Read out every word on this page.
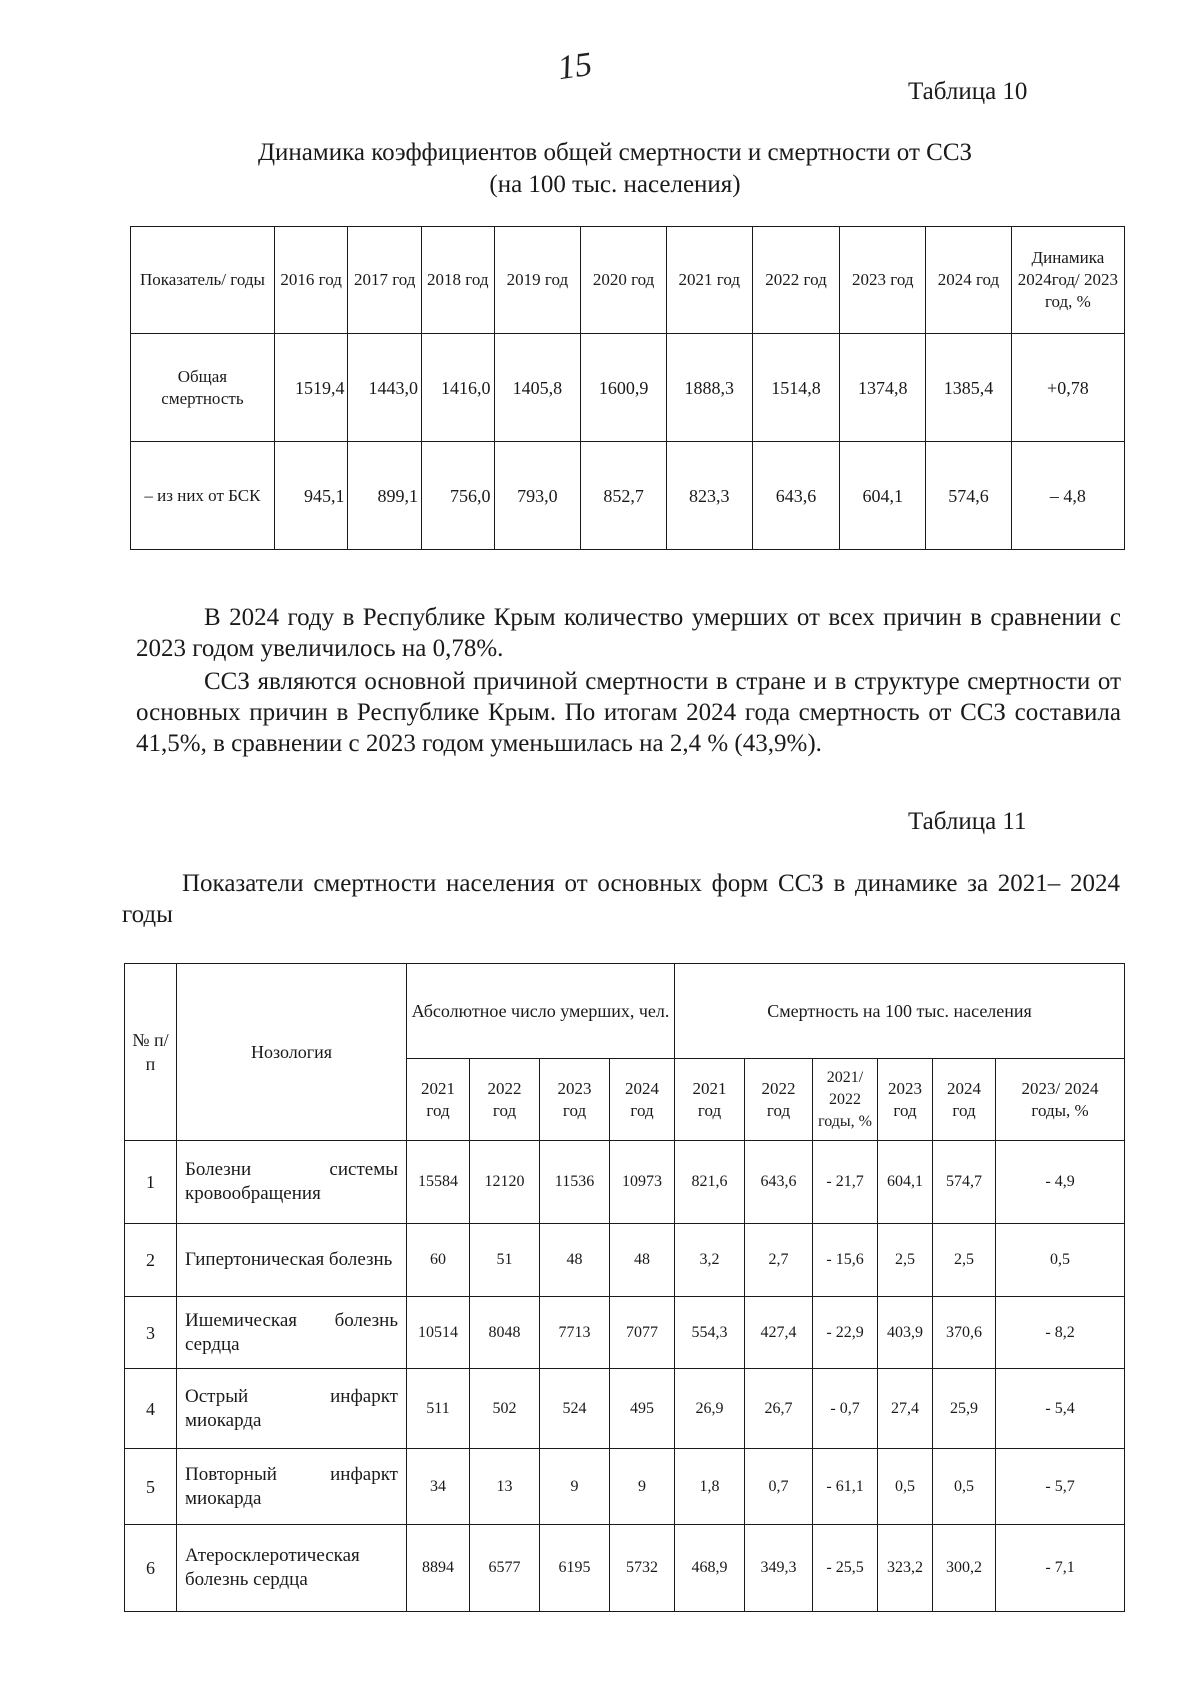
15
Таблица 10
Динамика коэффициентов общей смертности и смертности от ССЗ
(на 100 тыс. населения)
Показатель/ годы	2016 год	2017 год	2018 год	2019 год	2020 год	2021 год	2022 год	2023 год	2024 год	Динамика 2024год/ 2023 год, %
Общая смертность	1519,4	1443,0	1416,0	1405,8	1600,9	1888,3	1514,8	1374,8	1385,4	+0,78
– из них от БСК	945,1	899,1	756,0	793,0	852,7	823,3	643,6	604,1	574,6	– 4,8
В 2024 году в Республике Крым количество умерших от всех причин в сравнении с 2023 годом увеличилось на 0,78%.
ССЗ являются основной причиной смертности в стране и в структуре смертности от основных причин в Республике Крым. По итогам 2024 года смертность от ССЗ составила 41,5%, в сравнении с 2023 годом уменьшилась на 2,4 % (43,9%).
Таблица 11
Показатели смертности населения от основных форм ССЗ в динамике за 2021– 2024 годы
№ п/п	Нозология	Абсолютное число умерших, чел.				Смертность на 100 тыс. населения					
		2021 год	2022 год	2023 год	2024 год	2021 год	2022 год	2021/ 2022 годы, %	2023 год	2024 год	2023/ 2024 годы, %
1	Болезни системы кровообращения	15584	12120	11536	10973	821,6	643,6	- 21,7	604,1	574,7	- 4,9
2	Гипертоническая болезнь	60	51	48	48	3,2	2,7	- 15,6	2,5	2,5	0,5
3	Ишемическая болезнь сердца	10514	8048	7713	7077	554,3	427,4	- 22,9	403,9	370,6	- 8,2
4	Острый инфаркт миокарда	511	502	524	495	26,9	26,7	- 0,7	27,4	25,9	- 5,4
5	Повторный инфаркт миокарда	34	13	9	9	1,8	0,7	- 61,1	0,5	0,5	- 5,7
6	Атеросклеротическая болезнь сердца	8894	6577	6195	5732	468,9	349,3	- 25,5	323,2	300,2	- 7,1
